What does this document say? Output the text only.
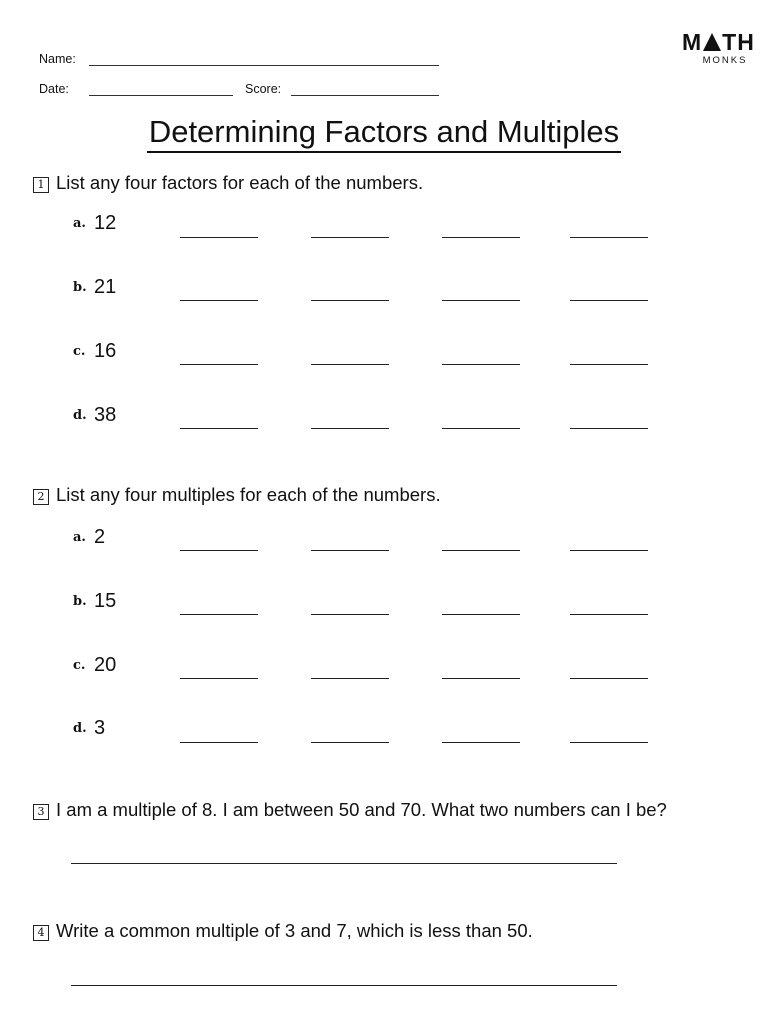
Name:
Date:	Score:
M TH
MONKS
Determining Factors and Multiples
1 List any four factors for each of the numbers.
a. 12
b. 21
c. 16
d. 38
2 List any four multiples for each of the numbers.
a. 2
b. 15
c. 20
d. 3
3 I am a multiple of 8. I am between 50 and 70. What two numbers can I be?
4 Write a common multiple of 3 and 7, which is less than 50.
